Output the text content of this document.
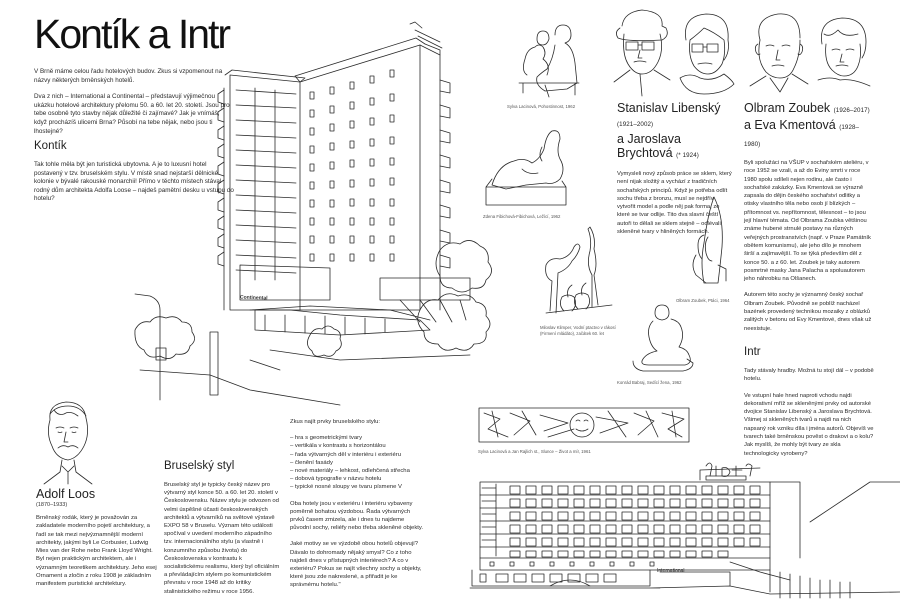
Kontík a Intr

V Brně máme celou řadu hotelových budov. Zkus si vzpomenout na názvy některých brněnských hotelů.

Dva z nich – International a Continental – představují výjimečnou ukázku hotelové architektury přelomu 50. a 60. let 20. století. Jsou pro tebe osobně tyto stavby nějak důležité či zajímavé? Jak je vnímáš, když procházíš ulicemi Brna? Působí na tebe nějak, nebo jsou ti lhostejné?

Kontík
Tak tohle měla být jen turistická ubytovna. A je to luxusní hotel postavený v tzv. bruselském stylu. V místě snad nejstarší dělnické kolonie v bývalé rakouské monarchii! Přímo v těchto místech stával rodný dům architekta Adolfa Loose – najdeš pamětní desku u vstupu do hotelu?
Continental
Adolf Loos
(1870–1933)
Brněnský rodák, který je považován za zakladatele moderního pojetí architektury, a řadí se tak mezi nejvýznamnější moderní architekty, jakými byli Le Corbusier, Ludwig Mies van der Rohe nebo Frank Lloyd Wright. Byl nejen praktickým architektem, ale i významným teoretikem architektury. Jeho esej Ornament a zločin z roku 1908 je základním manifestem puristické architektury.
Bruselský styl
Bruselský styl je typicky český název pro výtvarný styl konce 50. a 60. let 20. století v Československu. Název stylu je odvozen od velmi úspěšné účasti československých architektů a výtvarníků na světové výstavě EXPO 58 v Bruselu. Význam této události spočíval v uvedení moderního západního tzv. internacionálního stylu (a vlastně i konzumního způsobu života) do Československa v kontrastu k socialistickému realismu, který byl oficiálním a převládajícím stylem po komunistickém převratu v roce 1948 až do kritiky stalinistického režimu v roce 1956.

Zkus najít prvky bruselského stylu:

– hra s geometrickými tvary
– vertikála v kontrastu s horizontálou
– řada výtvarných děl v interiéru i exteriéru
– členění fasády
– nové materiály – lehkost, odlehčená střecha
– dobová typografie v názvu hotelu
– typické nosné sloupy ve tvaru písmene V

Oba hotely jsou v exteriéru i interiéru vybaveny poměrně bohatou výzdobou. Řada výtvarných prvků časem zmizela, ale i dnes tu najdeme původní sochy, reliéfy nebo třeba skleněné objekty.

Jaké motivy se ve výzdobě obou hotelů objevují? Dávalo to dohromady nějaký smysl? Co z toho najdeš dnes v přístupných interiérech? A co v exteriéru? Pokus se najít všechny sochy a objekty, které jsou zde nakreslené, a přiřadit je ke správnému hotelu."

Sylva Lacinová, Pohostinnost, 1962
Zdena Fibichová-Fibichová, Ležící, 1962
Miloslav Klimper, Vodní ptactvo v rákosí
(Firmení mládáto), začátek 60. let
Olbram Zoubek, Ptáci, 1964
Konrád Babraj, Sedící žena, 1962
Stanislav Libenský (1921–2002)
a Jaroslava Brychtová (* 1924)
Vymysleli nový způsob práce se sklem, který není nijak složitý a vychází z tradičních sochařských principů. Když je potřeba odlít sochu třeba z bronzu, musí se nejdřív vytvořit model a podle něj pak forma, ze které se tvar odlije. Tito dva slavní čeští autoři to dělali se sklem stejně – odlévali skleněné tvary v hliněných formách.
Olbram Zoubek (1926–2017)
a Eva Kmentová (1928–1980)
Byli spolužáci na VŠUP v sochařském ateliéru, v roce 1952 se vzali, a až do Eviny smrti v roce 1980 spolu sdíleli nejen rodinu, ale často i sochařské zakázky. Eva Kmentová se výrazně zapsala do dějin českého sochařství odlitky a otisky vlastního těla nebo osob jí blízkých – přítomnost vs. nepřítomnost, tělesnost – to jsou její hlavní témata. Od Olbrama Zoubka většinou známe hubené strnulé postavy na různých veřejných prostranstvích (např. v Praze Památník obětem komunismu), ale jeho dílo je mnohem širší a zajímavější. To se týká především děl z konce 50. a z 60. let. Zoubek je taky autorem posmrtné masky Jana Palacha a spoluautorem jeho náhrobku na Olšanech.
Autorem této sochy je významný český sochař Olbram Zoubek. Původně se poblíž nacházel bazének provedený technikou mozaiky z oblázků zalitých v betonu od Evy Kmentové, dnes však už neexistuje.
Intr
Tady stávaly hradby. Možná tu stojí dál – v podobě hotelu.
Ve vstupní hale hned naproti vchodu najdi dekorativní mříž se skleněnými prvky od autorské dvojice Stanislav Libenský a Jaroslava Brychtová. Všimej si skleněných tvarů a najdi na nich napsaný rok vzniku díla i jména autorů. Objevíš ve tvarech také brněnskou pověst o drakovi a o kolu? Jak myslíš, že mohly být tvary ze skla technologicky vyrobeny?
Sylva Lacinová a Jan Rajlich st., Slunce – Život a mír, 1961
International
